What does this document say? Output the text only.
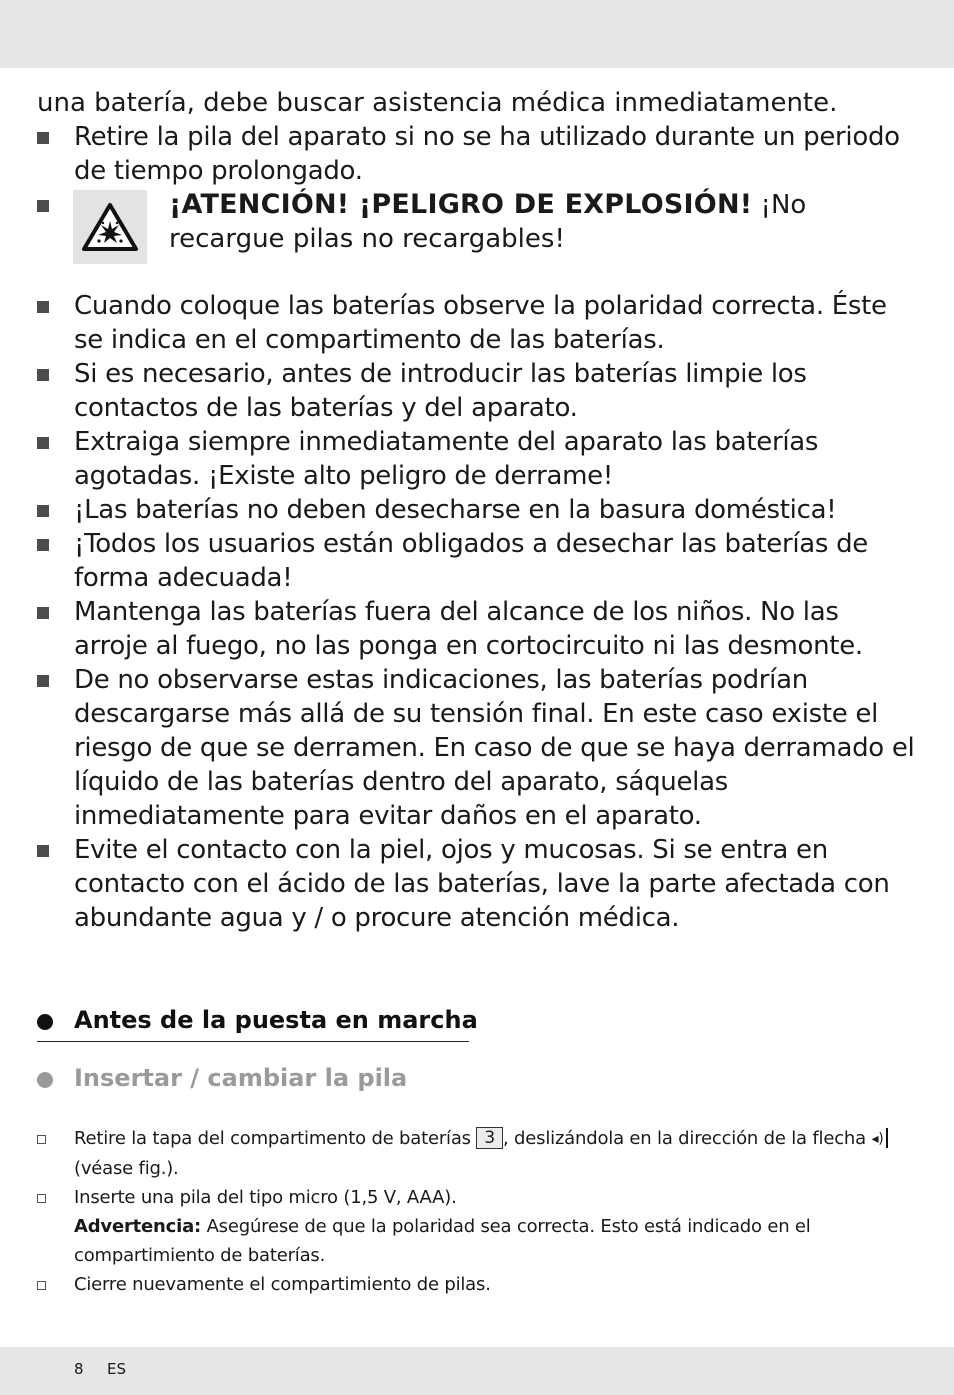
una batería, debe buscar asistencia médica inmediatamente.

Retire la pila del aparato si no se ha utilizado durante un periodo de tiempo prolongado.
¡ATENCIÓN! ¡PELIGRO DE EXPLOSIÓN! ¡No recargue pilas no recargables!
Cuando coloque las baterías observe la polaridad correcta. Éste se indica en el compartimento de las baterías.
Si es necesario, antes de introducir las baterías limpie los contactos de las baterías y del aparato.
Extraiga siempre inmediatamente del aparato las baterías agotadas. ¡Existe alto peligro de derrame!
¡Las baterías no deben desecharse en la basura doméstica!
¡Todos los usuarios están obligados a desechar las baterías de forma adecuada!
Mantenga las baterías fuera del alcance de los niños. No las arroje al fuego, no las ponga en cortocircuito ni las desmonte.
De no observarse estas indicaciones, las baterías podrían descargarse más allá de su tensión final. En este caso existe el riesgo de que se derramen. En caso de que se haya derramado el líquido de las baterías dentro del aparato, sáquelas inmediatamente para evitar daños en el aparato.
Evite el contacto con la piel, ojos y mucosas. Si se entra en contacto con el ácido de las baterías, lave la parte afectada con abundante agua y / o procure atención médica.
Antes de la puesta en marcha
Insertar / cambiar la pila
Retire la tapa del compartimento de baterías 3 , deslizándola en la dirección de la flecha ◂)
(véase fig.).
Inserte una pila del tipo micro (1,5 V, AAA).
Advertencia: Asegúrese de que la polaridad sea correcta. Esto está indicado en el compartimiento de baterías.
Cierre nuevamente el compartimiento de pilas.
8 ES
